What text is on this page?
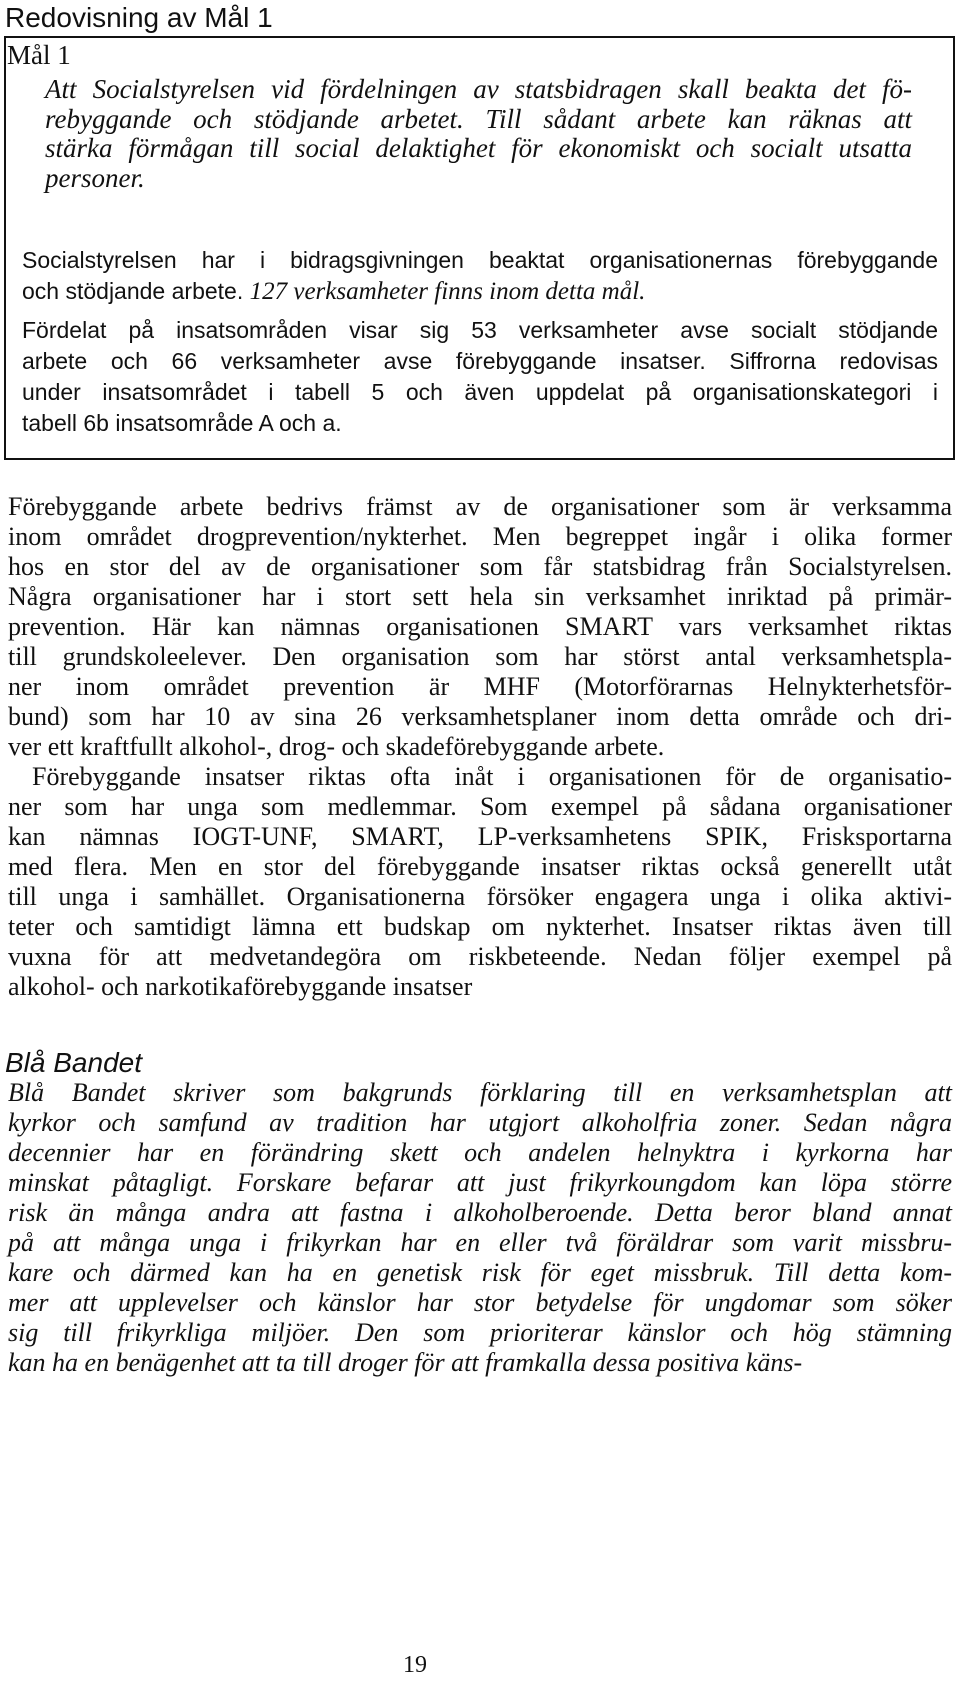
Redovisning av Mål 1
Mål 1
Att Socialstyrelsen vid fördelningen av statsbidragen skall beakta det fö-
rebyggande och stödjande arbetet. Till sådant arbete kan räknas att
stärka förmågan till social delaktighet för ekonomiskt och socialt utsatta
personer.
Socialstyrelsen har i bidragsgivningen beaktat organisationernas förebyggande
och stödjande arbete. 127 verksamheter finns inom detta mål.
Fördelat på insatsområden visar sig 53 verksamheter avse socialt stödjande
arbete och 66 verksamheter avse förebyggande insatser. Siffrorna redovisas
under insatsområdet i tabell 5 och även uppdelat på organisationskategori i
tabell 6b insatsområde A och a.
Förebyggande arbete bedrivs främst av de organisationer som är verksamma
inom området drogprevention/nykterhet. Men begreppet ingår i olika former
hos en stor del av de organisationer som får statsbidrag från Socialstyrelsen.
Några organisationer har i stort sett hela sin verksamhet inriktad på primär-
prevention. Här kan nämnas organisationen SMART vars verksamhet riktas
till grundskoleelever. Den organisation som har störst antal verksamhetspla-
ner inom området prevention är MHF (Motorförarnas Helnykterhetsför-
bund) som har 10 av sina 26 verksamhetsplaner inom detta område och dri-
ver ett kraftfullt alkohol-, drog- och skadeförebyggande arbete.
Förebyggande insatser riktas ofta inåt i organisationen för de organisatio-
ner som har unga som medlemmar. Som exempel på sådana organisationer
kan nämnas IOGT-UNF, SMART, LP-verksamhetens SPIK, Frisksportarna
med flera. Men en stor del förebyggande insatser riktas också generellt utåt
till unga i samhället. Organisationerna försöker engagera unga i olika aktivi-
teter och samtidigt lämna ett budskap om nykterhet. Insatser riktas även till
vuxna för att medvetandegöra om riskbeteende. Nedan följer exempel på
alkohol- och narkotikaförebyggande insatser
Blå Bandet
Blå Bandet skriver som bakgrunds förklaring till en verksamhetsplan att
kyrkor och samfund av tradition har utgjort alkoholfria zoner. Sedan några
decennier har en förändring skett och andelen helnyktra i kyrkorna har
minskat påtagligt. Forskare befarar att just frikyrkoungdom kan löpa större
risk än många andra att fastna i alkoholberoende. Detta beror bland annat
på att många unga i frikyrkan har en eller två föräldrar som varit missbru-
kare och därmed kan ha en genetisk risk för eget missbruk. Till detta kom-
mer att upplevelser och känslor har stor betydelse för ungdomar som söker
sig till frikyrkliga miljöer. Den som prioriterar känslor och hög stämning
kan ha en benägenhet att ta till droger för att framkalla dessa positiva käns-
19
